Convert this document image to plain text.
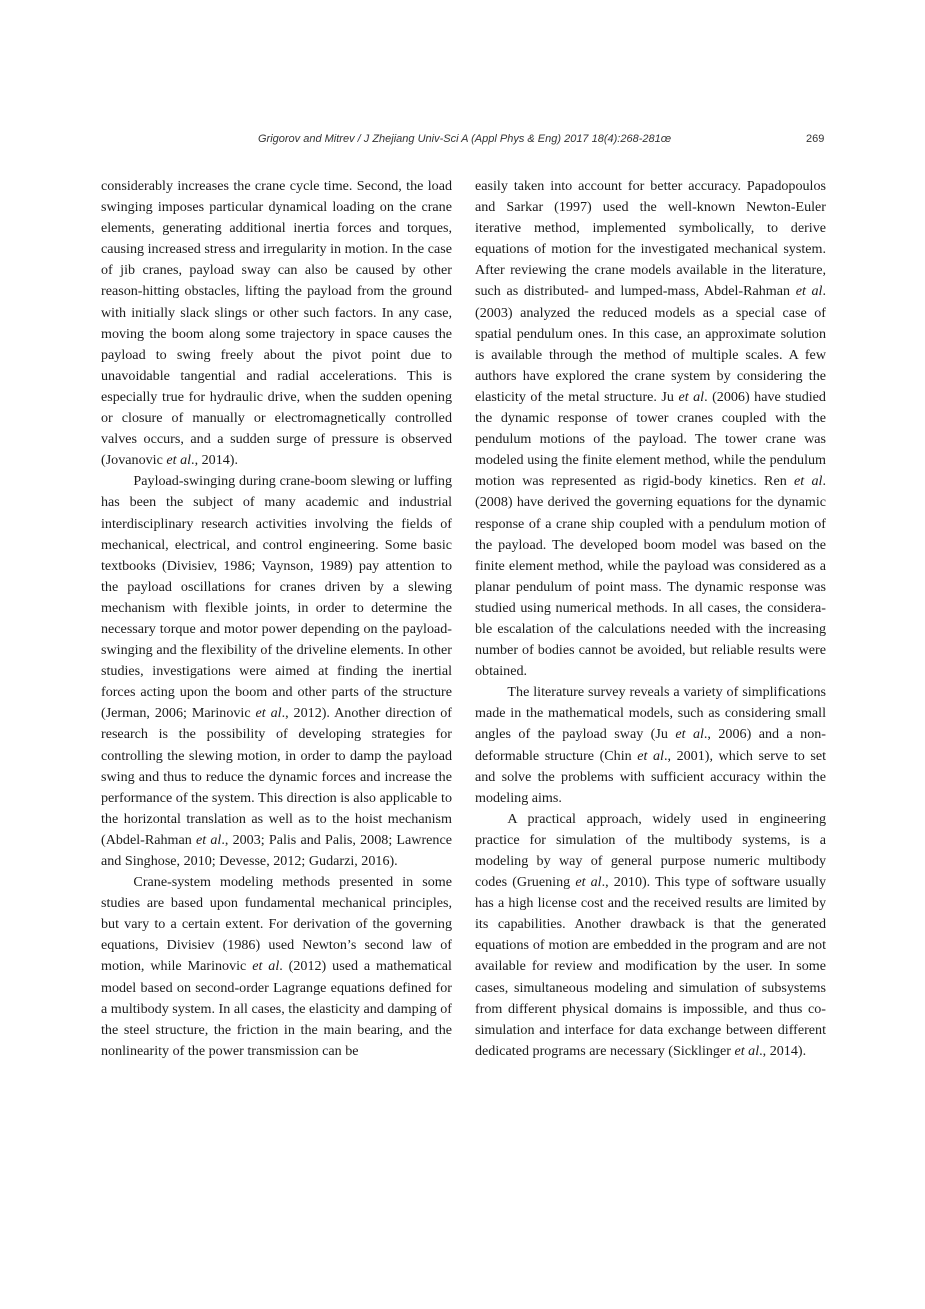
Grigorov and Mitrev / J Zhejiang Univ-Sci A (Appl Phys & Eng) 2017 18(4):268-281œ	269

considerably increases the crane cycle time. Second, the load swinging imposes particular dynamical loading on the crane elements, generating additional inertia forces and torques, causing increased stress and irregularity in motion. In the case of jib cranes, payload sway can also be caused by other reason-hitting obstacles, lifting the payload from the ground with initially slack slings or other such factors. In any case, moving the boom along some trajectory in space causes the payload to swing freely about the pivot point due to unavoidable tangential and radial accelerations. This is especially true for hydraulic drive, when the sudden opening or closure of manually or electromagnetically controlled valves occurs, and a sudden surge of pressure is observed (Jovanovic et al., 2014).

Payload-swinging during crane-boom slewing or luffing has been the subject of many academic and industrial interdisciplinary research activities involving the fields of mechanical, electrical, and control engineering. Some basic textbooks (Divisiev, 1986; Vaynson, 1989) pay attention to the payload oscillations for cranes driven by a slewing mechanism with flexible joints, in order to determine the necessary torque and motor power depending on the payload-swinging and the flexibility of the driveline elements. In other studies, investigations were aimed at finding the inertial forces acting upon the boom and other parts of the structure (Jerman, 2006; Marinovic et al., 2012). Another direction of research is the possibility of developing strategies for controlling the slewing motion, in order to damp the payload swing and thus to reduce the dynamic forces and increase the performance of the system. This direction is also applicable to the horizontal translation as well as to the hoist mechanism (Abdel-Rahman et al., 2003; Palis and Palis, 2008; Lawrence and Singhose, 2010; Devesse, 2012; Gudarzi, 2016).

Crane-system modeling methods presented in some studies are based upon fundamental mechanical principles, but vary to a certain extent. For derivation of the governing equations, Divisiev (1986) used Newton’s second law of motion, while Marinovic et al. (2012) used a mathematical model based on second-order Lagrange equations defined for a multibody system. In all cases, the elasticity and damping of the steel structure, the friction in the main bearing, and the nonlinearity of the power transmission can be

easily taken into account for better accuracy. Papadopoulos and Sarkar (1997) used the well-known Newton-Euler iterative method, implemented symbolically, to derive equations of motion for the investigated mechanical system. After reviewing the crane models available in the literature, such as distributed- and lumped-mass, Abdel-Rahman et al. (2003) analyzed the reduced models as a special case of spatial pendulum ones. In this case, an approximate solution is available through the method of multiple scales. A few authors have explored the crane system by considering the elasticity of the metal structure. Ju et al. (2006) have studied the dynamic response of tower cranes coupled with the pendulum motions of the payload. The tower crane was modeled using the finite element method, while the pendulum motion was represented as rigid-body kinetics. Ren et al. (2008) have derived the governing equations for the dynamic response of a crane ship coupled with a pendulum motion of the payload. The developed boom model was based on the finite element method, while the payload was considered as a planar pendulum of point mass. The dynamic response was studied using numerical methods. In all cases, the considerable escalation of the calculations needed with the increasing number of bodies cannot be avoided, but reliable results were obtained.

The literature survey reveals a variety of simplifications made in the mathematical models, such as considering small angles of the payload sway (Ju et al., 2006) and a non-deformable structure (Chin et al., 2001), which serve to set and solve the problems with sufficient accuracy within the modeling aims.

A practical approach, widely used in engineering practice for simulation of the multibody systems, is a modeling by way of general purpose numeric multibody codes (Gruening et al., 2010). This type of software usually has a high license cost and the received results are limited by its capabilities. Another drawback is that the generated equations of motion are embedded in the program and are not available for review and modification by the user. In some cases, simultaneous modeling and simulation of subsystems from different physical domains is impossible, and thus co-simulation and interface for data exchange between different dedicated programs are necessary (Sicklinger et al., 2014).
